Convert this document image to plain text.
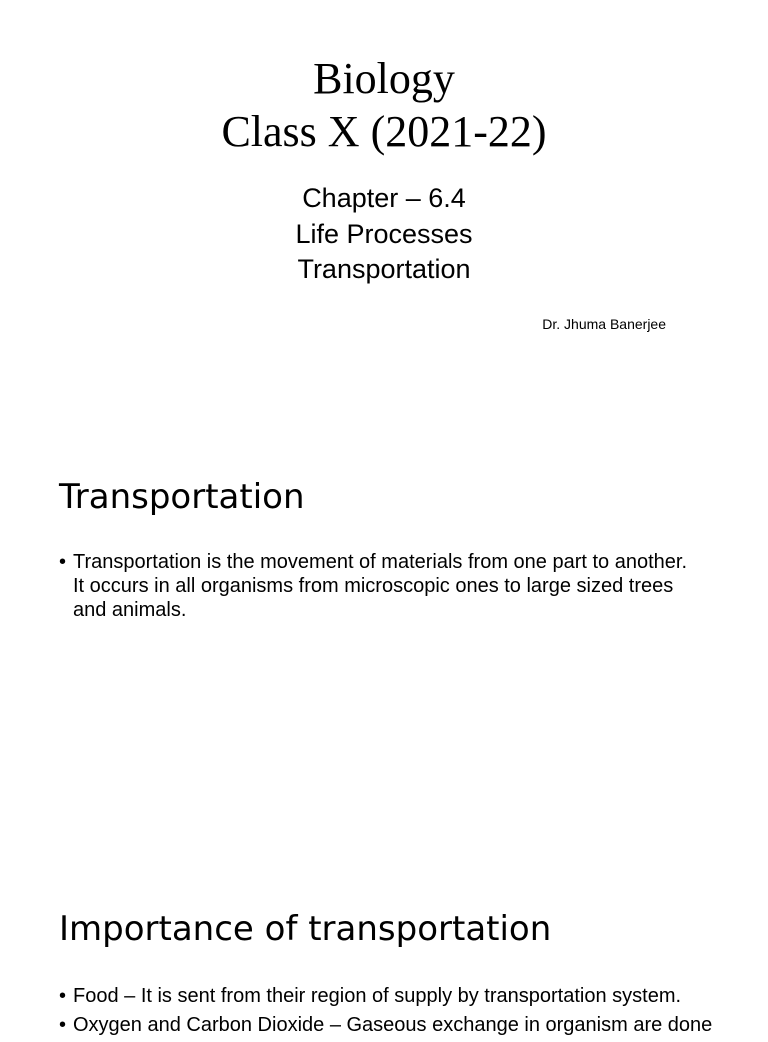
Biology
Class X (2021-22)
Chapter – 6.4
Life Processes
Transportation
Dr. Jhuma Banerjee
Transportation
• Transportation is the movement of materials from one part to another. It occurs in all organisms from microscopic ones to large sized trees and animals.
Importance of transportation
• Food – It is sent from their region of supply by transportation system.
• Oxygen and Carbon Dioxide – Gaseous exchange in organism are done
